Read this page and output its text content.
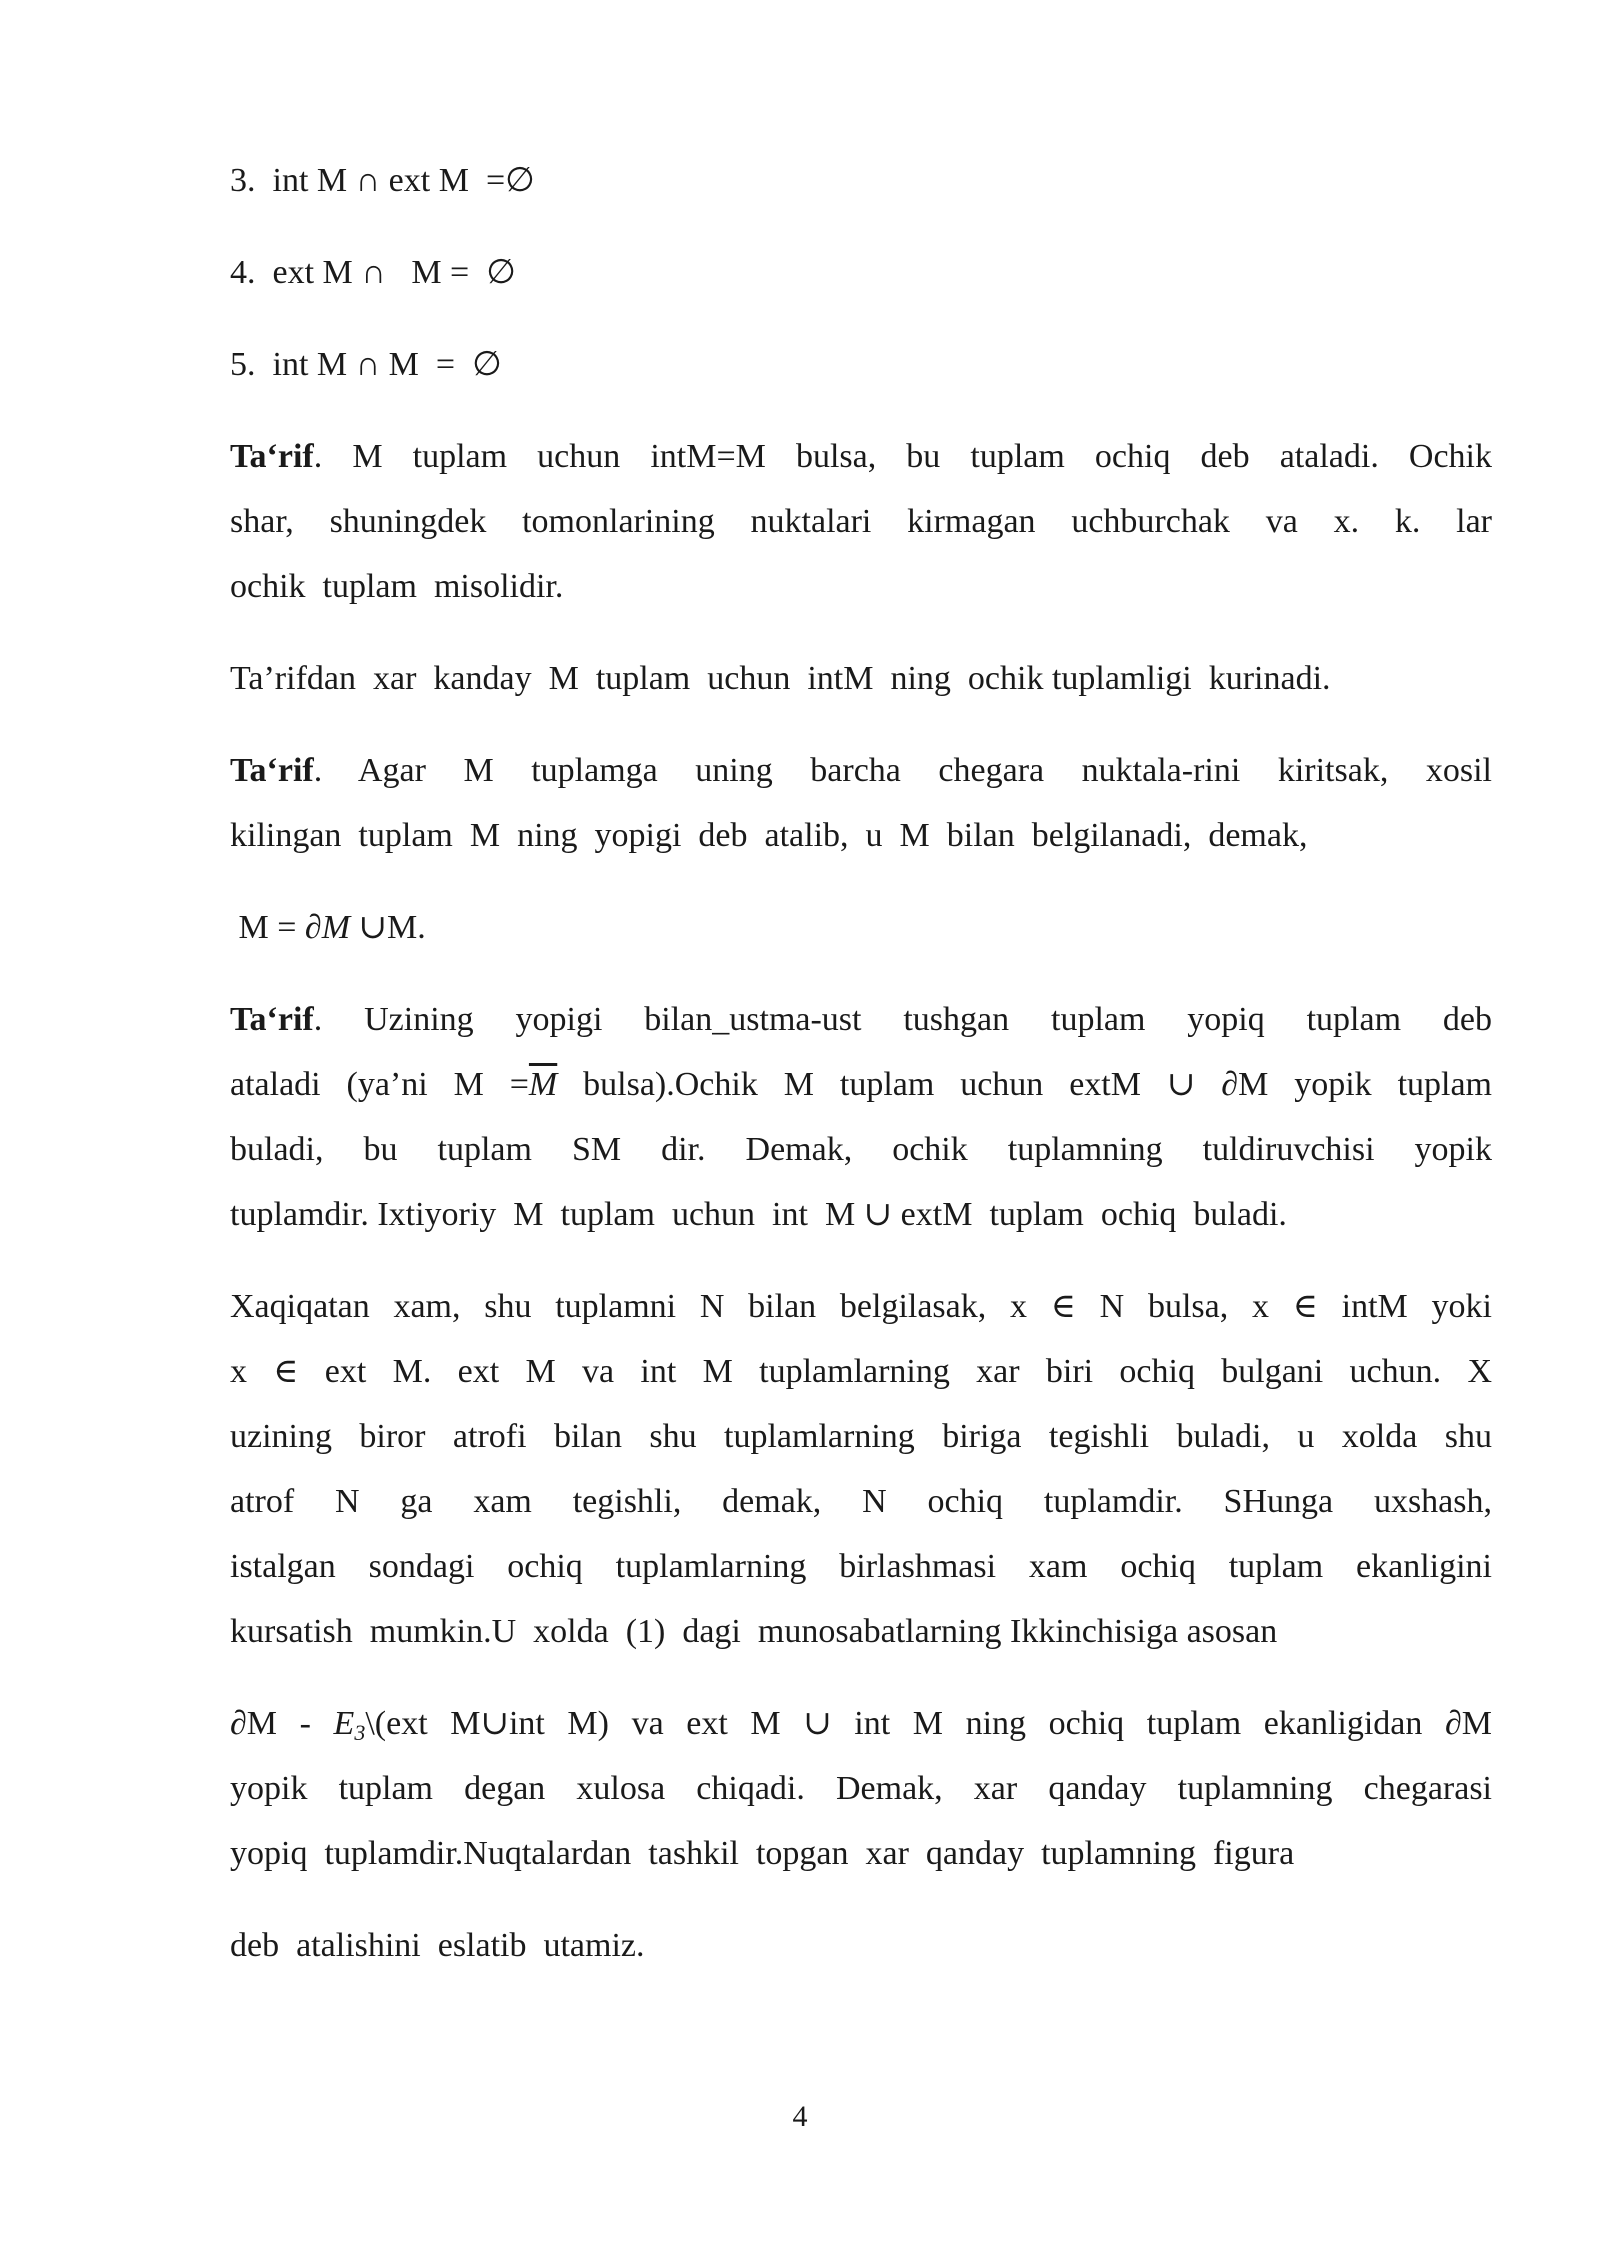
3.  int M ∩ ext M  =∅

4.  ext M ∩   M =  ∅

5.  int M ∩ M  =  ∅

Ta‘rif. M tuplam uchun intM=M bulsa, bu tuplam ochiq deb ataladi. Ochik

shar, shuningdek tomonlarining nuktalari kirmagan uchburchak va x. k. lar

ochik  tuplam  misolidir.

Ta’rifdan  xar  kanday  M  tuplam  uchun  intM  ning  ochik tuplamligi  kurinadi.

Ta‘rif. Agar M tuplamga uning barcha chegara nuktala-rini kiritsak, xosil

kilingan  tuplam  M  ning  yopigi  deb  atalib,  u  M  bilan  belgilanadi,  demak,

M = ∂M ∪M.

Ta‘rif. Uzining yopigi bilan_ustma-ust tushgan tuplam yopiq tuplam deb

ataladi (ya’ni $M =\overline{M}$ bulsa).Ochik M tuplam uchun extM ∪ ∂M yopik tuplam

buladi, bu tuplam SM dir. Demak, ochik tuplamning tuldiruvchisi yopik

tuplamdir. Ixtiyoriy  M  tuplam  uchun  int  M ∪ extM  tuplam  ochiq  buladi.

Xaqiqatan xam, shu tuplamni N bilan belgilasak, x ∈ N bulsa, x ∈ intM yoki

x ∈ ext M. ext M va int M tuplamlarning xar biri ochiq bulgani uchun. X

uzining biror atrofi bilan shu tuplamlarning biriga tegishli buladi, u xolda shu

atrof N ga xam tegishli, demak, N ochiq tuplamdir. SHunga uxshash,

istalgan sondagi ochiq tuplamlarning birlashmasi xam ochiq tuplam ekanligini

kursatish  mumkin.U  xolda  (1)  dagi  munosabatlarning Ikkinchisiga asosan

$\partial M - E_3\backslash(ext$ M∪int M) va ext M ∪ int M ning ochiq tuplam ekanligidan ∂M

yopik tuplam degan xulosa chiqadi. Demak, xar qanday tuplamning chegarasi

yopiq  tuplamdir.Nuqtalardan  tashkil  topgan  xar  qanday  tuplamning  figura

deb  atalishini  eslatib  utamiz.

4
